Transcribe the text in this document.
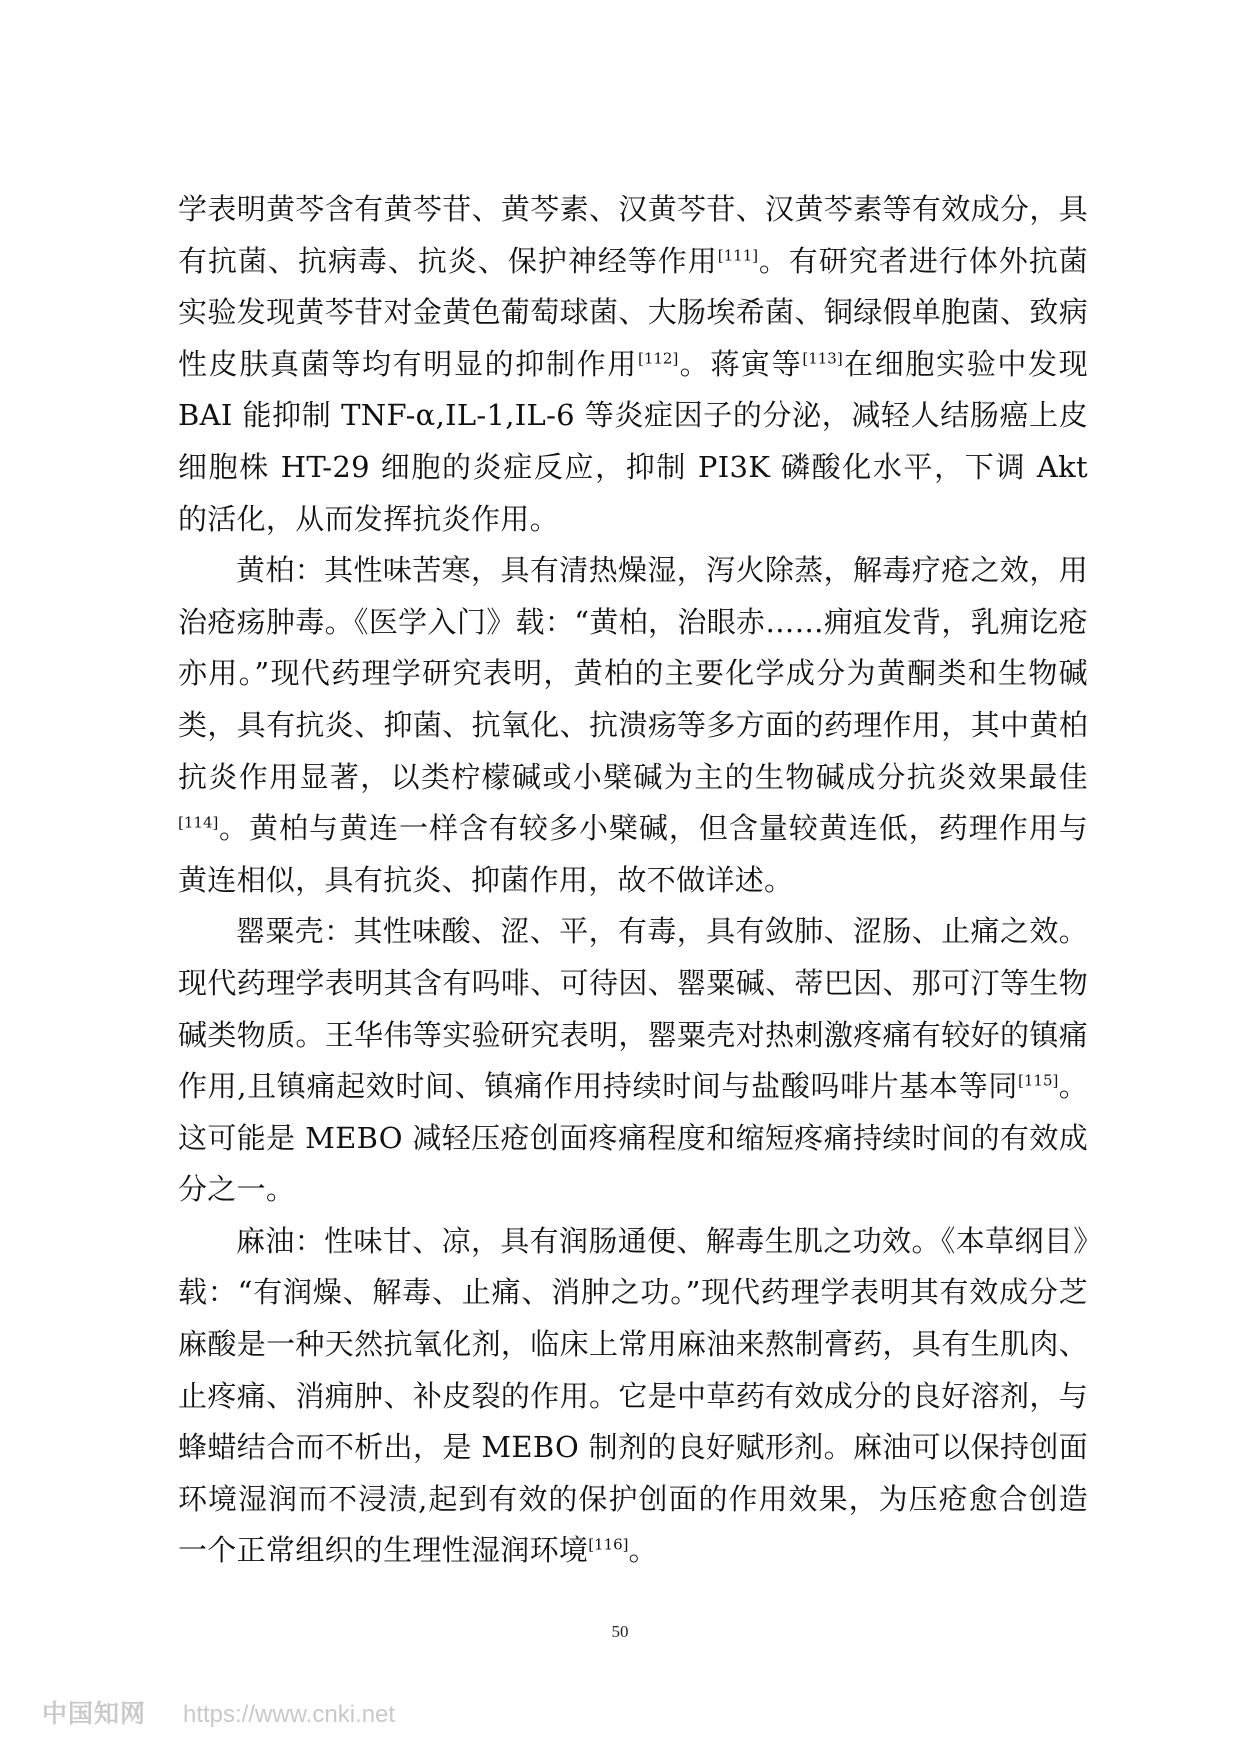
学表明黄芩含有黄芩苷、黄芩素、汉黄芩苷、汉黄芩素等有效成分，具有抗菌、抗病毒、抗炎、保护神经等作用[111]。有研究者进行体外抗菌实验发现黄芩苷对金黄色葡萄球菌、大肠埃希菌、铜绿假单胞菌、致病性皮肤真菌等均有明显的抑制作用[112]。蒋寅等[113]在细胞实验中发现 BAI 能抑制 TNF-α,IL-1,IL-6 等炎症因子的分泌，减轻人结肠癌上皮细胞株 HT-29 细胞的炎症反应，抑制 PI3K 磷酸化水平，下调 Akt 的活化，从而发挥抗炎作用。

黄柏：其性味苦寒，具有清热燥湿，泻火除蒸，解毒疗疮之效，用治疮疡肿毒。《医学入门》载：“黄柏，治眼赤……痈疽发背，乳痈讫疮亦用。”现代药理学研究表明，黄柏的主要化学成分为黄酮类和生物碱类，具有抗炎、抑菌、抗氧化、抗溃疡等多方面的药理作用，其中黄柏抗炎作用显著，以类柠檬碱或小檗碱为主的生物碱成分抗炎效果最佳[114]。黄柏与黄连一样含有较多小檗碱，但含量较黄连低，药理作用与黄连相似，具有抗炎、抑菌作用，故不做详述。

罂粟壳：其性味酸、涩、平，有毒，具有敛肺、涩肠、止痛之效。现代药理学表明其含有吗啡、可待因、罂粟碱、蒂巴因、那可汀等生物碱类物质。王华伟等实验研究表明，罂粟壳对热刺激疼痛有较好的镇痛作用,且镇痛起效时间、镇痛作用持续时间与盐酸吗啡片基本等同[115]。这可能是 MEBO 减轻压疮创面疼痛程度和缩短疼痛持续时间的有效成分之一。

麻油：性味甘、凉，具有润肠通便、解毒生肌之功效。《本草纲目》载：“有润燥、解毒、止痛、消肿之功。”现代药理学表明其有效成分芝麻酸是一种天然抗氧化剂，临床上常用麻油来熬制膏药，具有生肌肉、止疼痛、消痈肿、补皮裂的作用。它是中草药有效成分的良好溶剂，与蜂蜡结合而不析出，是 MEBO 制剂的良好赋形剂。麻油可以保持创面环境湿润而不浸渍,起到有效的保护创面的作用效果，为压疮愈合创造一个正常组织的生理性湿润环境[116]。

50
中国知网 https://www.cnki.net
